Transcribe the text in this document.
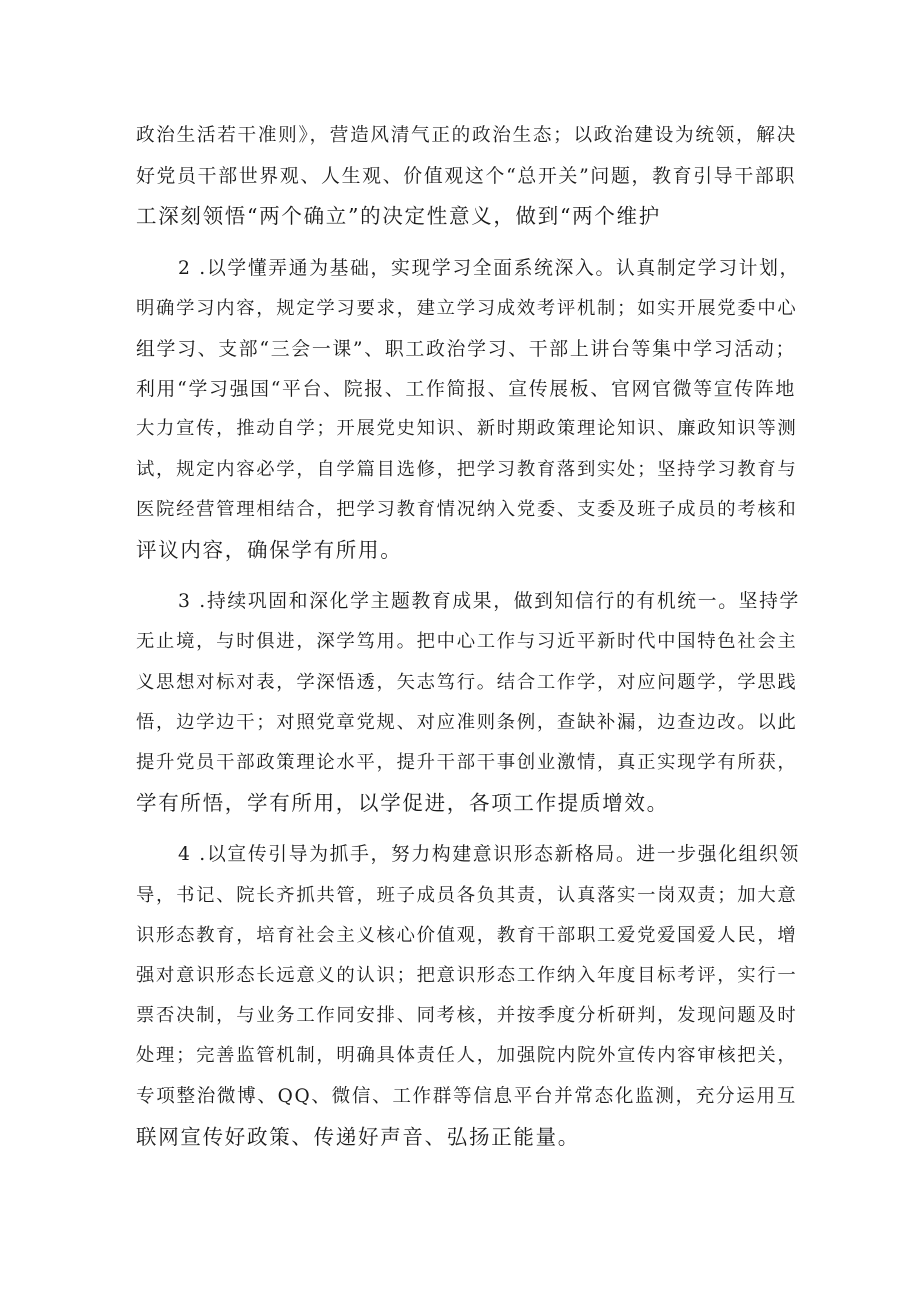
政治生活若干准则》，营造风清气正的政治生态；以政治建设为统领，解决
好党员干部世界观、人生观、价值观这个“总开关”问题，教育引导干部职
工深刻领悟“两个确立”的决定性意义，做到“两个维护

2 .以学懂弄通为基础，实现学习全面系统深入。认真制定学习计划，
明确学习内容，规定学习要求，建立学习成效考评机制；如实开展党委中心
组学习、支部“三会一课”、职工政治学习、干部上讲台等集中学习活动；
利用“学习强国“平台、院报、工作简报、宣传展板、官网官微等宣传阵地
大力宣传，推动自学；开展党史知识、新时期政策理论知识、廉政知识等测
试，规定内容必学，自学篇目选修，把学习教育落到实处；坚持学习教育与
医院经营管理相结合，把学习教育情况纳入党委、支委及班子成员的考核和
评议内容，确保学有所用。

3 .持续巩固和深化学主题教育成果，做到知信行的有机统一。坚持学
无止境，与时俱进，深学笃用。把中心工作与习近平新时代中国特色社会主
义思想对标对表，学深悟透，矢志笃行。结合工作学，对应问题学，学思践
悟，边学边干；对照党章党规、对应准则条例，查缺补漏，边查边改。以此
提升党员干部政策理论水平，提升干部干事创业激情，真正实现学有所获，
学有所悟，学有所用，以学促进，各项工作提质增效。

4 .以宣传引导为抓手，努力构建意识形态新格局。进一步强化组织领
导，书记、院长齐抓共管，班子成员各负其责，认真落实一岗双责；加大意
识形态教育，培育社会主义核心价值观，教育干部职工爱党爱国爱人民，增
强对意识形态长远意义的认识；把意识形态工作纳入年度目标考评，实行一
票否决制，与业务工作同安排、同考核，并按季度分析研判，发现问题及时
处理；完善监管机制，明确具体责任人，加强院内院外宣传内容审核把关，
专项整治微博、QQ、微信、工作群等信息平台并常态化监测，充分运用互
联网宣传好政策、传递好声音、弘扬正能量。
